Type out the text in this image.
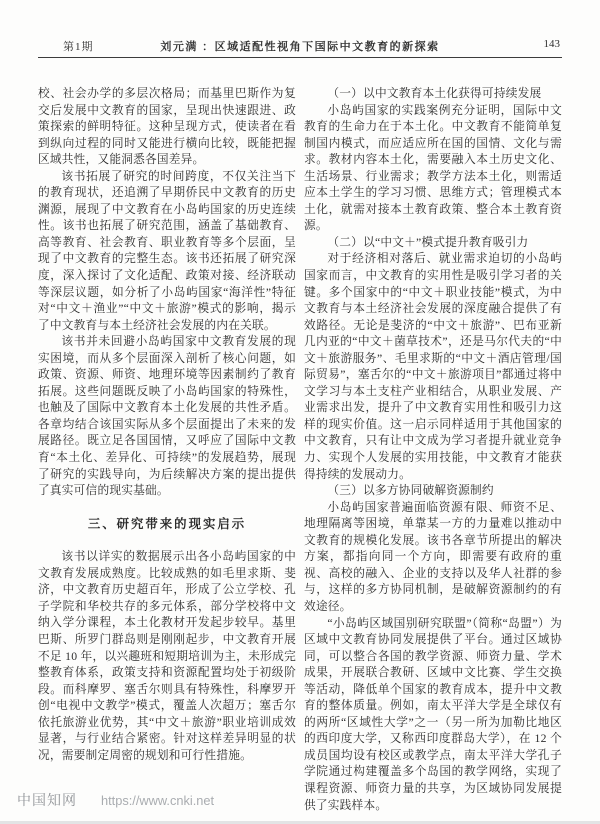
第1期	刘元满 ：区域适配性视角下国际中文教育的新探索	143

校、社会办学的多层次格局；而基里巴斯作为复交后发展中文教育的国家，呈现出快速跟进、政策探索的鲜明特征。这种呈现方式，使读者在看到纵向过程的同时又能进行横向比较，既能把握区域共性，又能洞悉各国差异。

该书拓展了研究的时间跨度，不仅关注当下的教育现状，还追溯了早期侨民中文教育的历史渊源，展现了中文教育在小岛屿国家的历史连续性。该书也拓展了研究范围，涵盖了基础教育、高等教育、社会教育、职业教育等多个层面，呈现了中文教育的完整生态。该书还拓展了研究深度，深入探讨了文化适配、政策对接、经济联动等深层议题，如分析了小岛屿国家“海洋性”特征对“中文＋渔业”“中文＋旅游”模式的影响，揭示了中文教育与本土经济社会发展的内在关联。

该书并未回避小岛屿国家中文教育发展的现实困境，而从多个层面深入剖析了核心问题，如政策、资源、师资、地理环境等因素制约了教育拓展。这些问题既反映了小岛屿国家的特殊性，也触及了国际中文教育本土化发展的共性矛盾。各章均结合该国实际从多个层面提出了未来的发展路径。既立足各国国情，又呼应了国际中文教育“本土化、差异化、可持续”的发展趋势，展现了研究的实践导向，为后续解决方案的提出提供了真实可信的现实基础。

三、研究带来的现实启示

该书以详实的数据展示出各小岛屿国家的中文教育发展成熟度。比较成熟的如毛里求斯、斐济，中文教育历史超百年，形成了公立学校、孔子学院和华校共存的多元体系，部分学校将中文纳入学分课程，本土化教材开发起步较早。基里巴斯、所罗门群岛则是刚刚起步，中文教育开展不足 10 年，以兴趣班和短期培训为主，未形成完整教育体系，政策支持和资源配置均处于初级阶段。而科摩罗、塞舌尔则具有特殊性，科摩罗开创“电视中文教学”模式，覆盖人次超万；塞舌尔依托旅游业优势，其“中文＋旅游”职业培训成效显著，与行业结合紧密。针对这样差异明显的状况，需要制定周密的规划和可行性措施。

（一）以中文教育本土化获得可持续发展

小岛屿国家的实践案例充分证明，国际中文教育的生命力在于本土化。中文教育不能简单复制国内模式，而应适应所在国的国情、文化与需求。教材内容本土化，需要融入本土历史文化、生活场景、行业需求；教学方法本土化，则需适应本土学生的学习习惯、思维方式；管理模式本土化，就需对接本土教育政策、整合本土教育资源。

（二）以“中文＋”模式提升教育吸引力

对于经济相对落后、就业需求迫切的小岛屿国家而言，中文教育的实用性是吸引学习者的关键。多个国家中的“中文＋职业技能”模式，为中文教育与本土经济社会发展的深度融合提供了有效路径。无论是斐济的“中文＋旅游”、巴布亚新几内亚的“中文＋菌草技术”，还是马尔代夫的“中文＋旅游服务”、毛里求斯的“中文＋酒店管理/国际贸易”，塞舌尔的“中文＋旅游项目”都通过将中文学习与本土支柱产业相结合，从职业发展、产业需求出发，提升了中文教育实用性和吸引力这样的现实价值。这一启示同样适用于其他国家的中文教育，只有让中文成为学习者提升就业竞争力、实现个人发展的实用技能，中文教育才能获得持续的发展动力。

（三）以多方协同破解资源制约

小岛屿国家普遍面临资源有限、师资不足、地理隔离等困境，单靠某一方的力量难以推动中文教育的规模化发展。该书各章节所提出的解决方案，都指向同一个方向，即需要有政府的重视、高校的融入、企业的支持以及华人社群的参与，这样的多方协同机制，是破解资源制约的有效途径。

“小岛屿区域国别研究联盟”（简称“岛盟”）为区域中文教育协同发展提供了平台。通过区域协同，可以整合各国的教学资源、师资力量、学术成果，开展联合教研、区域中文比赛、学生交换等活动，降低单个国家的教育成本，提升中文教育的整体质量。例如，南太平洋大学是全球仅有的两所“区域性大学”之一（另一所为加勒比地区的西印度大学，又称西印度群岛大学），在 12 个成员国均设有校区或教学点，南太平洋大学孔子学院通过构建覆盖多个岛国的教学网络，实现了课程资源、师资力量的共享，为区域协同发展提供了实践样本。

中国知网 https://www.cnki.net
